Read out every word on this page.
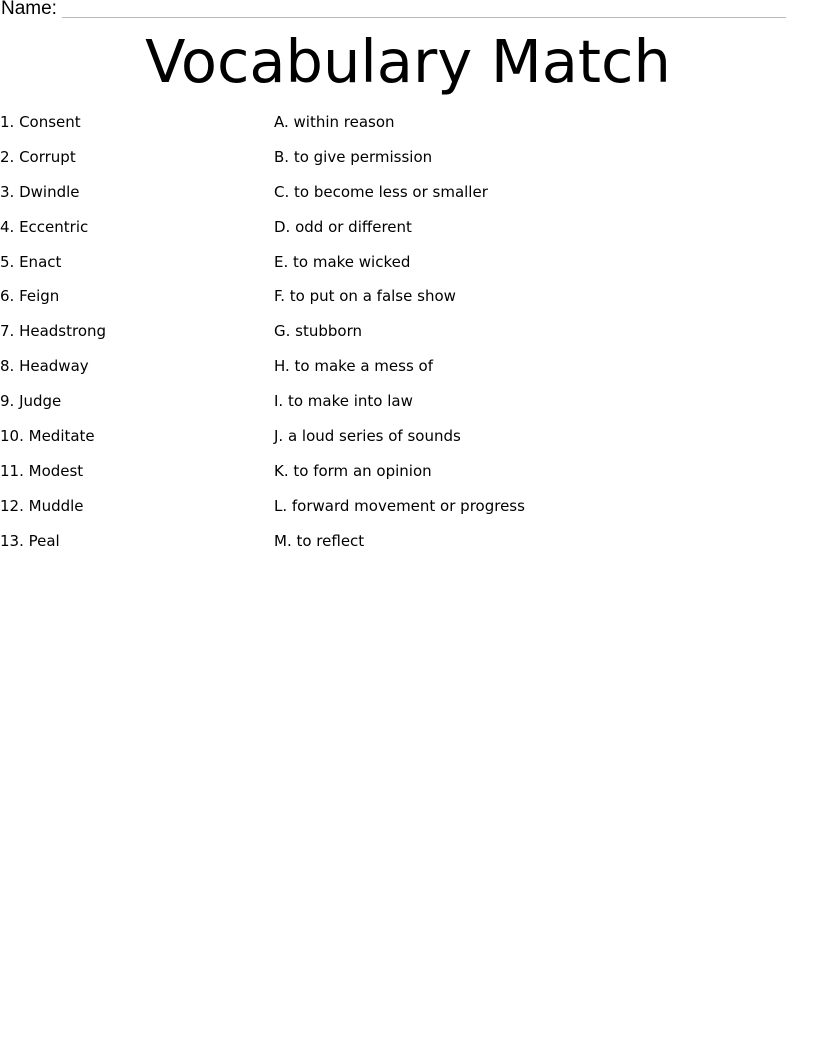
Name:
Vocabulary Match
1. Consent
2. Corrupt
3. Dwindle
4. Eccentric
5. Enact
6. Feign
7. Headstrong
8. Headway
9. Judge
10. Meditate
11. Modest
12. Muddle
13. Peal
A. within reason
B. to give permission
C. to become less or smaller
D. odd or different
E. to make wicked
F. to put on a false show
G. stubborn
H. to make a mess of
I. to make into law
J. a loud series of sounds
K. to form an opinion
L. forward movement or progress
M. to reflect
